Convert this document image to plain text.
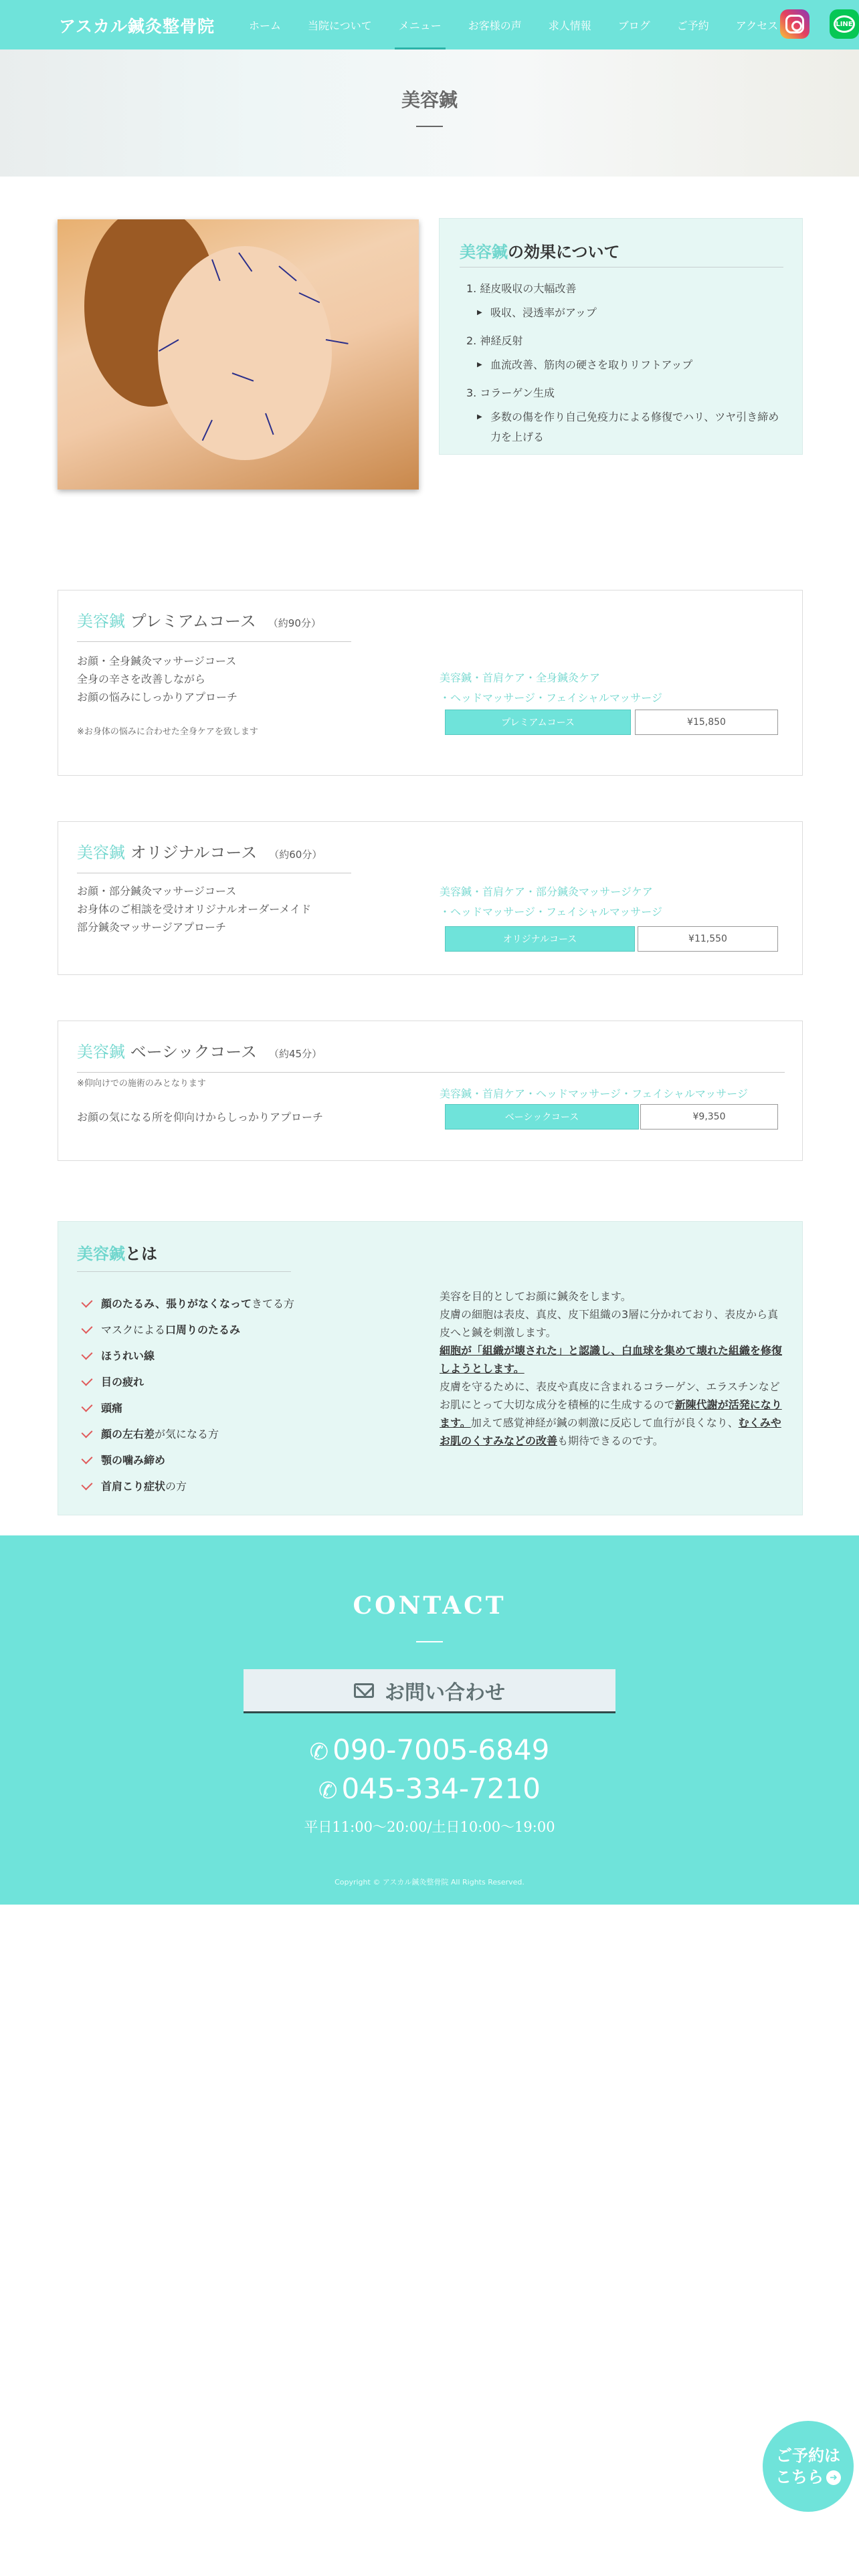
アスカル鍼灸整骨院	ホーム	当院について	メニュー	お客様の声	求人情報	ブログ	ご予約	アクセス	LINE
美容鍼
美容鍼の効果について
1. 経皮吸収の大幅改善
▶ 吸収、浸透率がアップ
2. 神経反射
▶ 血流改善、筋肉の硬さを取りリフトアップ
3. コラーゲン生成
▶ 多数の傷を作り自己免疫力による修復でハリ、ツヤ引き締め力を上げる
美容鍼 プレミアムコース （約90分）
お顔・全身鍼灸マッサージコース
全身の辛さを改善しながら
お顔の悩みにしっかりアプローチ
※お身体の悩みに合わせた全身ケアを致します
美容鍼・首肩ケア・全身鍼灸ケア
・ヘッドマッサージ・フェイシャルマッサージ
プレミアムコース	¥15,850
美容鍼 オリジナルコース （約60分）
お顔・部分鍼灸マッサージコース
お身体のご相談を受けオリジナルオーダーメイド
部分鍼灸マッサージアプローチ
美容鍼・首肩ケア・部分鍼灸マッサージケア
・ヘッドマッサージ・フェイシャルマッサージ
オリジナルコース	¥11,550
美容鍼 ベーシックコース （約45分）
※仰向けでの施術のみとなります
お顔の気になる所を仰向けからしっかりアプローチ
美容鍼・首肩ケア・ヘッドマッサージ・フェイシャルマッサージ
ベーシックコース	¥9,350
美容鍼とは
顔のたるみ、張りがなくなってきてる方
マスクによる口周りのたるみ
ほうれい線
目の疲れ
頭痛
顔の左右差が気になる方
顎の噛み締め
首肩こり症状の方
美容を目的としてお顔に鍼灸をします。
皮膚の細胞は表皮、真皮、皮下組織の3層に分かれており、表皮から真皮へと鍼を刺激します。
細胞が「組織が壊された」と認識し、白血球を集めて壊れた組織を修復しようとします。
皮膚を守るために、表皮や真皮に含まれるコラーゲン、エラスチンなどお肌にとって大切な成分を積極的に生成するので新陳代謝が活発になります。加えて感覚神経が鍼の刺激に反応して血行が良くなり、むくみやお肌のくすみなどの改善も期待できるのです。
CONTACT
お問い合わせ
✆ 090-7005-6849
✆ 045-334-7210
平日11:00〜20:00/土日10:00〜19:00
Copyright © アスカル鍼灸整骨院 All Rights Reserved.
ご予約は
こちら ➜
